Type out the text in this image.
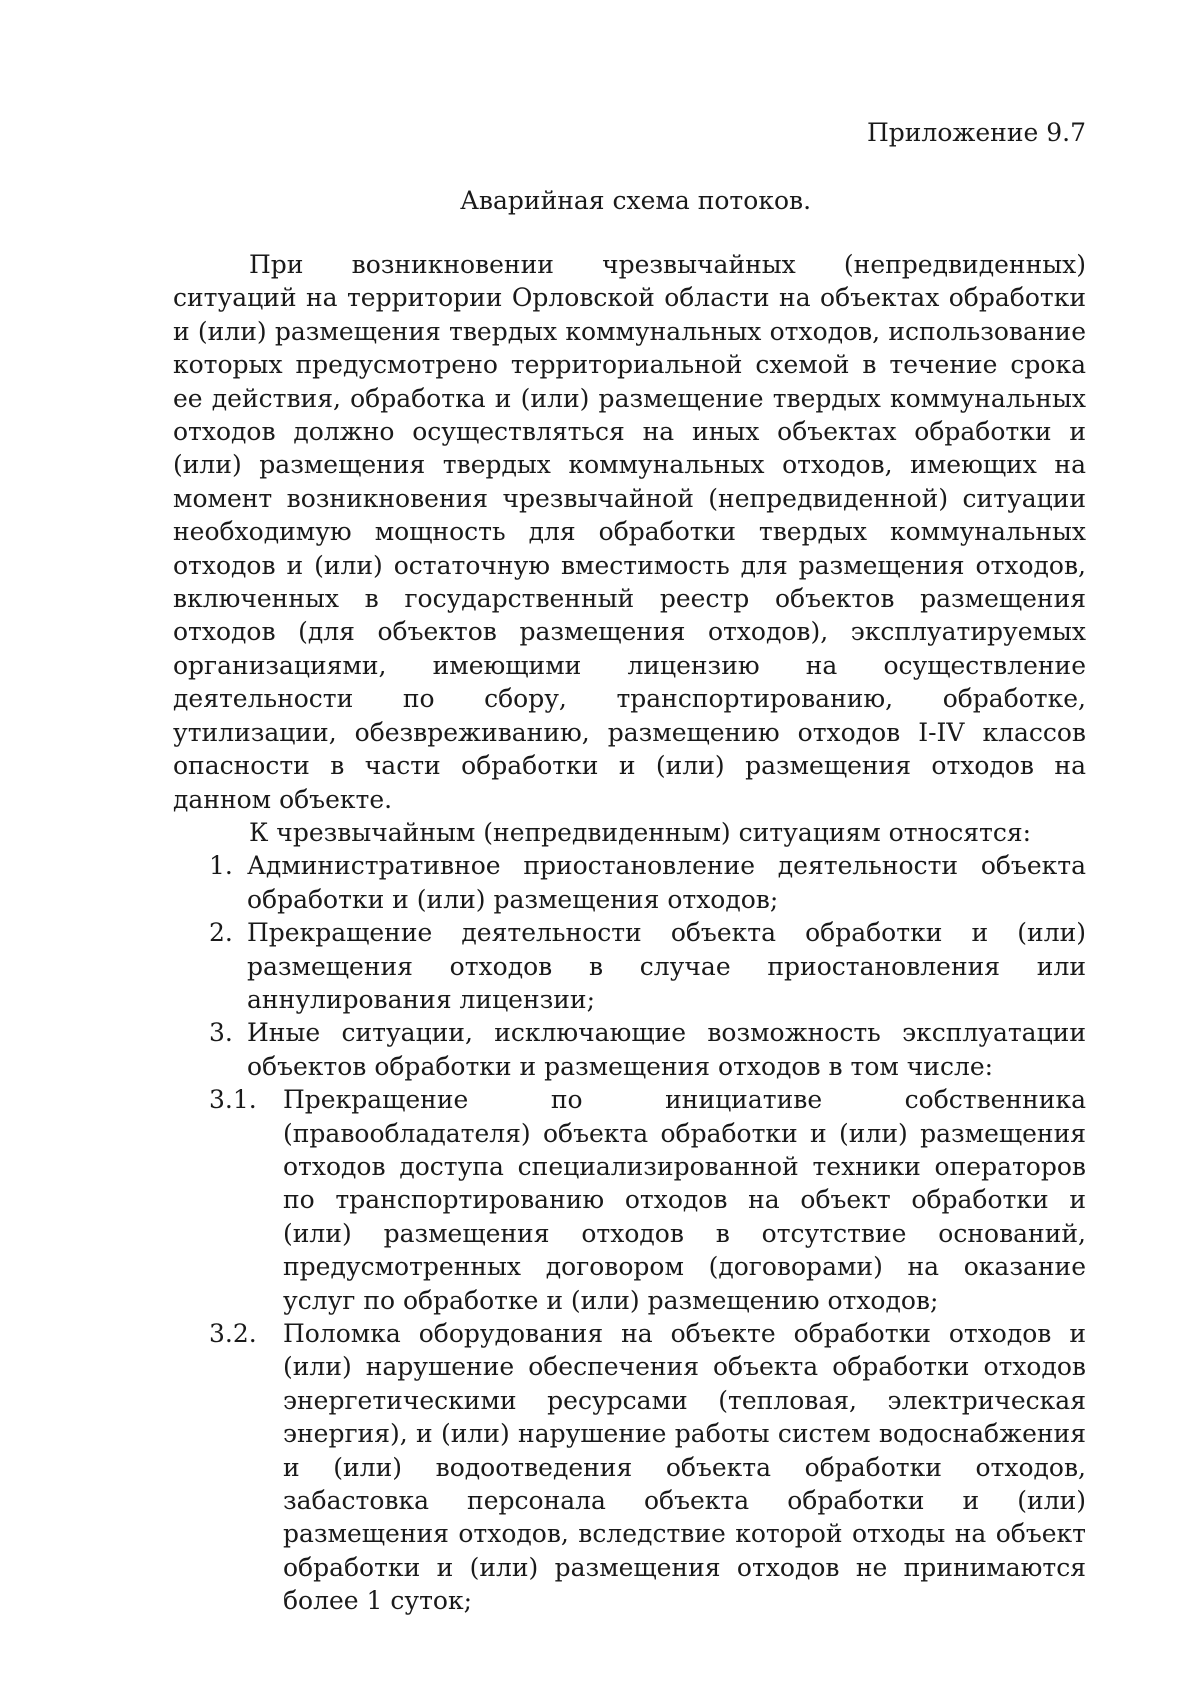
Приложение 9.7
Аварийная схема потоков.

При возникновении чрезвычайных (непредвиденных) ситуаций на территории Орловской области на объектах обработки и (или) размещения твердых коммунальных отходов, использование которых предусмотрено территориальной схемой в течение срока ее действия, обработка и (или) размещение твердых коммунальных отходов должно осуществляться на иных объектах обработки и (или) размещения твердых коммунальных отходов, имеющих на момент возникновения чрезвычайной (непредвиденной) ситуации необходимую мощность для обработки твердых коммунальных отходов и (или) остаточную вместимость для размещения отходов, включенных в государственный реестр объектов размещения отходов (для объектов размещения отходов), эксплуатируемых организациями, имеющими лицензию на осуществление деятельности по сбору, транспортированию, обработке, утилизации, обезвреживанию, размещению отходов I-IV классов опасности в части обработки и (или) размещения отходов на данном объекте.

К чрезвычайным (непредвиденным) ситуациям относятся:

1. Административное приостановление деятельности объекта обработки и (или) размещения отходов;
2. Прекращение деятельности объекта обработки и (или) размещения отходов в случае приостановления или аннулирования лицензии;
3. Иные ситуации, исключающие возможность эксплуатации объектов обработки и размещения отходов в том числе:
3.1.	Прекращение по инициативе собственника (правообладателя) объекта обработки и (или) размещения отходов доступа специализированной техники операторов по транспортированию отходов на объект обработки и (или) размещения отходов в отсутствие оснований, предусмотренных договором (договорами) на оказание услуг по обработке и (или) размещению отходов;
3.2.	Поломка оборудования на объекте обработки отходов и (или) нарушение обеспечения объекта обработки отходов энергетическими ресурсами (тепловая, электрическая энергия), и (или) нарушение работы систем водоснабжения и (или) водоотведения объекта обработки отходов, забастовка персонала объекта обработки и (или) размещения отходов, вследствие которой отходы на объект обработки и (или) размещения отходов не принимаются более 1 суток;
